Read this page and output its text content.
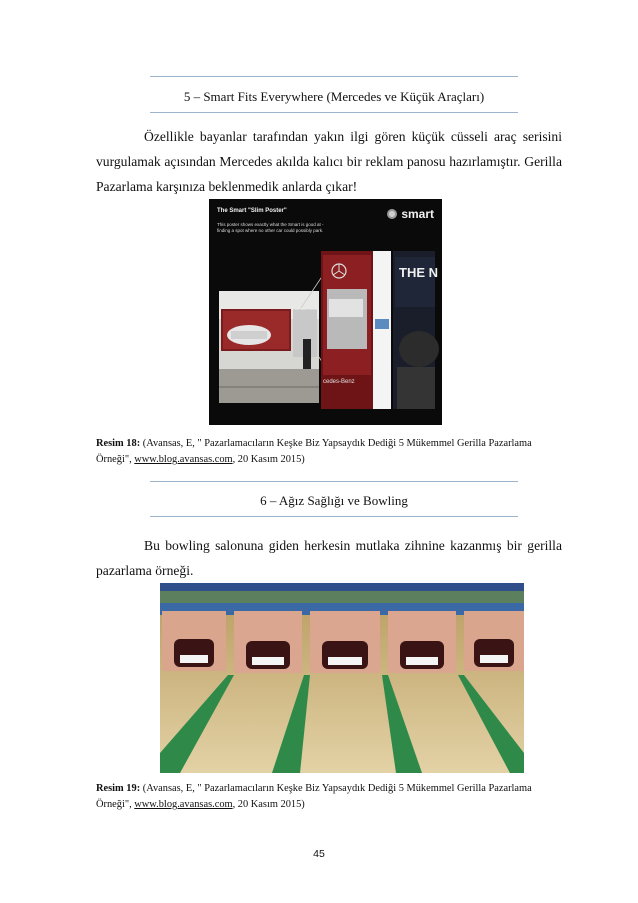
5 – Smart Fits Everywhere (Mercedes ve Küçük Araçları)

Özellikle bayanlar tarafından yakın ilgi gören küçük cüsseli araç serisini vurgulamak açısından Mercedes akılda kalıcı bir reklam panosu hazırlamıştır. Gerilla Pazarlama karşınıza beklenmedik anlarda çıkar!

The Smart "Slim Poster"
This poster shows exactly what the Smart is good at - finding a spot where no other car could possibly park.
smart
THE N
THE NEW CLASS
cedes-Benz

Resim 18: (Avansas, E, " Pazarlamacıların Keşke Biz Yapsaydık Dediği 5 Mükemmel Gerilla Pazarlama Örneği", www.blog.avansas.com, 20 Kasım 2015)

6 – Ağız Sağlığı ve Bowling

Bu bowling salonuna giden herkesin mutlaka zihnine kazanmış bir gerilla pazarlama örneği.

Resim 19: (Avansas, E, " Pazarlamacıların Keşke Biz Yapsaydık Dediği 5 Mükemmel Gerilla Pazarlama Örneği", www.blog.avansas.com, 20 Kasım 2015)

45
